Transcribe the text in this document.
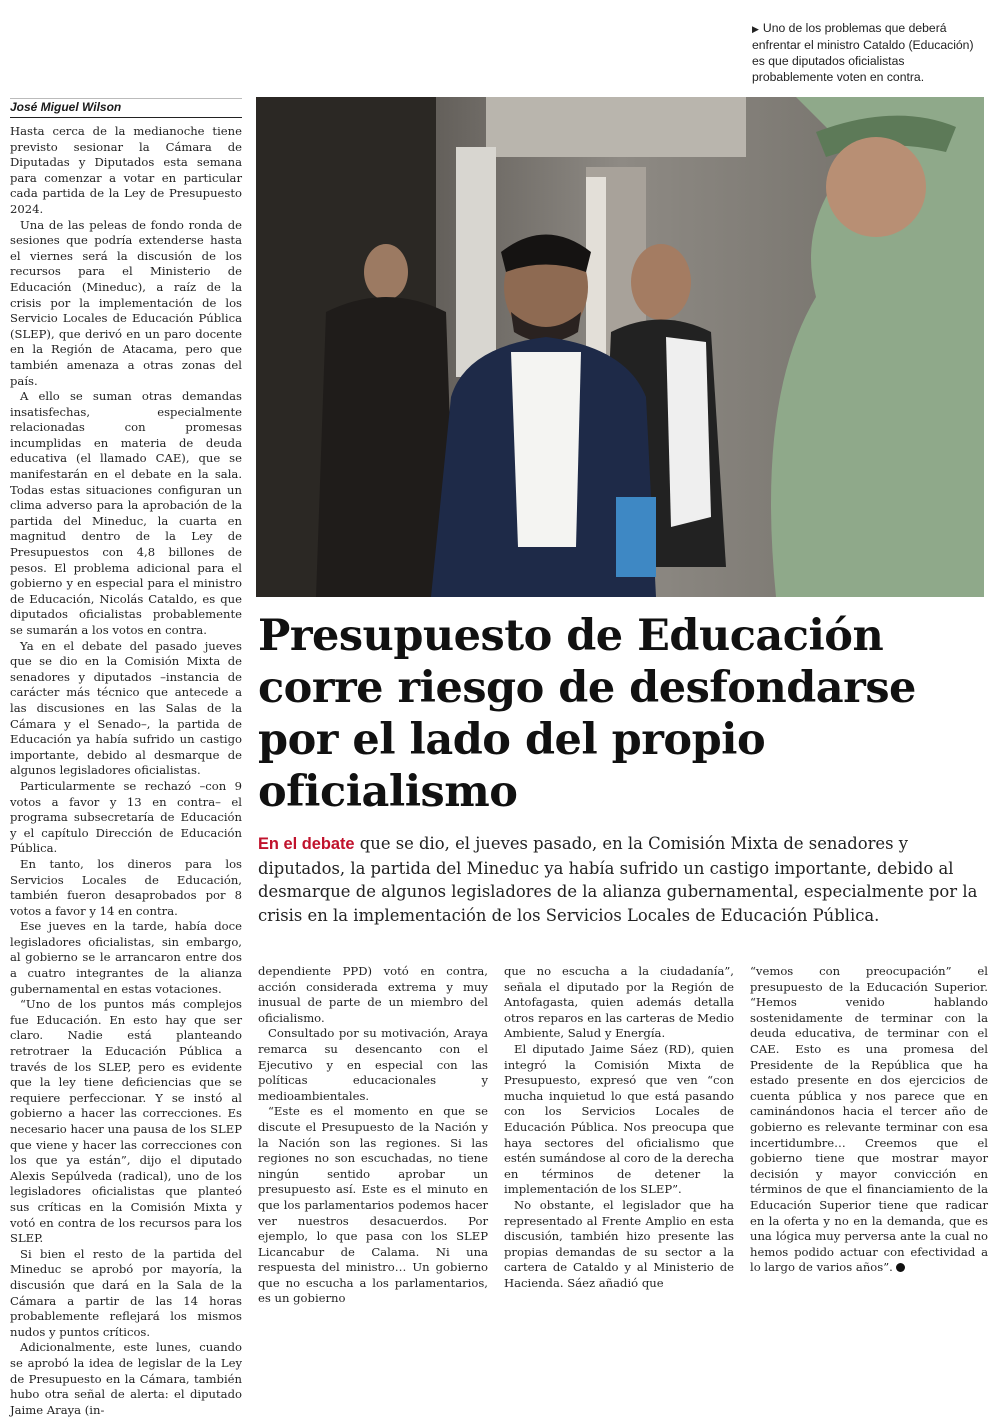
▶ Uno de los problemas que deberá enfrentar el ministro Cataldo (Educación) es que diputados oficialistas probablemente voten en contra.
José Miguel Wilson

Hasta cerca de la medianoche tiene previsto sesionar la Cámara de Diputadas y Diputados esta semana para comenzar a votar en particular cada partida de la Ley de Presupuesto 2024.

Una de las peleas de fondo ronda de sesiones que podría extenderse hasta el viernes será la discusión de los recursos para el Ministerio de Educación (Mineduc), a raíz de la crisis por la implementación de los Servicio Locales de Educación Pública (SLEP), que derivó en un paro docente en la Región de Atacama, pero que también amenaza a otras zonas del país.

A ello se suman otras demandas insatisfechas, especialmente relacionadas con promesas incumplidas en materia de deuda educativa (el llamado CAE), que se manifestarán en el debate en la sala. Todas estas situaciones configuran un clima adverso para la aprobación de la partida del Mineduc, la cuarta en magnitud dentro de la Ley de Presupuestos con 4,8 billones de pesos. El problema adicional para el gobierno y en especial para el ministro de Educación, Nicolás Cataldo, es que diputados oficialistas probablemente se sumarán a los votos en contra.

Ya en el debate del pasado jueves que se dio en la Comisión Mixta de senadores y diputados –instancia de carácter más técnico que antecede a las discusiones en las Salas de la Cámara y el Senado–, la partida de Educación ya había sufrido un castigo importante, debido al desmarque de algunos legisladores oficialistas.

Particularmente se rechazó –con 9 votos a favor y 13 en contra– el programa subsecretaría de Educación y el capítulo Dirección de Educación Pública.

En tanto, los dineros para los Servicios Locales de Educación, también fueron desaprobados por 8 votos a favor y 14 en contra.

Ese jueves en la tarde, había doce legisladores oficialistas, sin embargo, al gobierno se le arrancaron entre dos a cuatro integrantes de la alianza gubernamental en estas votaciones.

“Uno de los puntos más complejos fue Educación. En esto hay que ser claro. Nadie está planteando retrotraer la Educación Pública a través de los SLEP, pero es evidente que la ley tiene deficiencias que se requiere perfeccionar. Y se instó al gobierno a hacer las correcciones. Es necesario hacer una pausa de los SLEP que viene y hacer las correcciones con los que ya están”, dijo el diputado Alexis Sepúlveda (radical), uno de los legisladores oficialistas que planteó sus críticas en la Comisión Mixta y votó en contra de los recursos para los SLEP.

Si bien el resto de la partida del Mineduc se aprobó por mayoría, la discusión que dará en la Sala de la Cámara a partir de las 14 horas probablemente reflejará los mismos nudos y puntos críticos.

Adicionalmente, este lunes, cuando se aprobó la idea de legislar de la Ley de Presupuesto en la Cámara, también hubo otra señal de alerta: el diputado Jaime Araya (in-

Presupuesto de Educación corre riesgo de desfondarse por el lado del propio oficialismo

En el debate que se dio, el jueves pasado, en la Comisión Mixta de senadores y diputados, la partida del Mineduc ya había sufrido un castigo importante, debido al desmarque de algunos legisladores de la alianza gubernamental, especialmente por la crisis en la implementación de los Servicios Locales de Educación Pública.

dependiente PPD) votó en contra, acción considerada extrema y muy inusual de parte de un miembro del oficialismo.

Consultado por su motivación, Araya remarca su desencanto con el Ejecutivo y en especial con las políticas educacionales y medioambientales.

“Este es el momento en que se discute el Presupuesto de la Nación y la Nación son las regiones. Si las regiones no son escuchadas, no tiene ningún sentido aprobar un presupuesto así. Este es el minuto en que los parlamentarios podemos hacer ver nuestros desacuerdos. Por ejemplo, lo que pasa con los SLEP Licancabur de Calama. Ni una respuesta del ministro… Un gobierno que no escucha a los parlamentarios, es un gobierno

que no escucha a la ciudadanía”, señala el diputado por la Región de Antofagasta, quien además detalla otros reparos en las carteras de Medio Ambiente, Salud y Energía.

El diputado Jaime Sáez (RD), quien integró la Comisión Mixta de Presupuesto, expresó que ven “con mucha inquietud lo que está pasando con los Servicios Locales de Educación Pública. Nos preocupa que haya sectores del oficialismo que estén sumándose al coro de la derecha en términos de detener la implementación de los SLEP”.

No obstante, el legislador que ha representado al Frente Amplio en esta discusión, también hizo presente las propias demandas de su sector a la cartera de Cataldo y al Ministerio de Hacienda. Sáez añadió que

“vemos con preocupación” el presupuesto de la Educación Superior. “Hemos venido hablando sostenidamente de terminar con la deuda educativa, de terminar con el CAE. Esto es una promesa del Presidente de la República que ha estado presente en dos ejercicios de cuenta pública y nos parece que en caminándonos hacia el tercer año de gobierno es relevante terminar con esa incertidumbre… Creemos que el gobierno tiene que mostrar mayor decisión y mayor convicción en términos de que el financiamiento de la Educación Superior tiene que radicar en la oferta y no en la demanda, que es una lógica muy perversa ante la cual no hemos podido actuar con efectividad a lo largo de varios años”.
